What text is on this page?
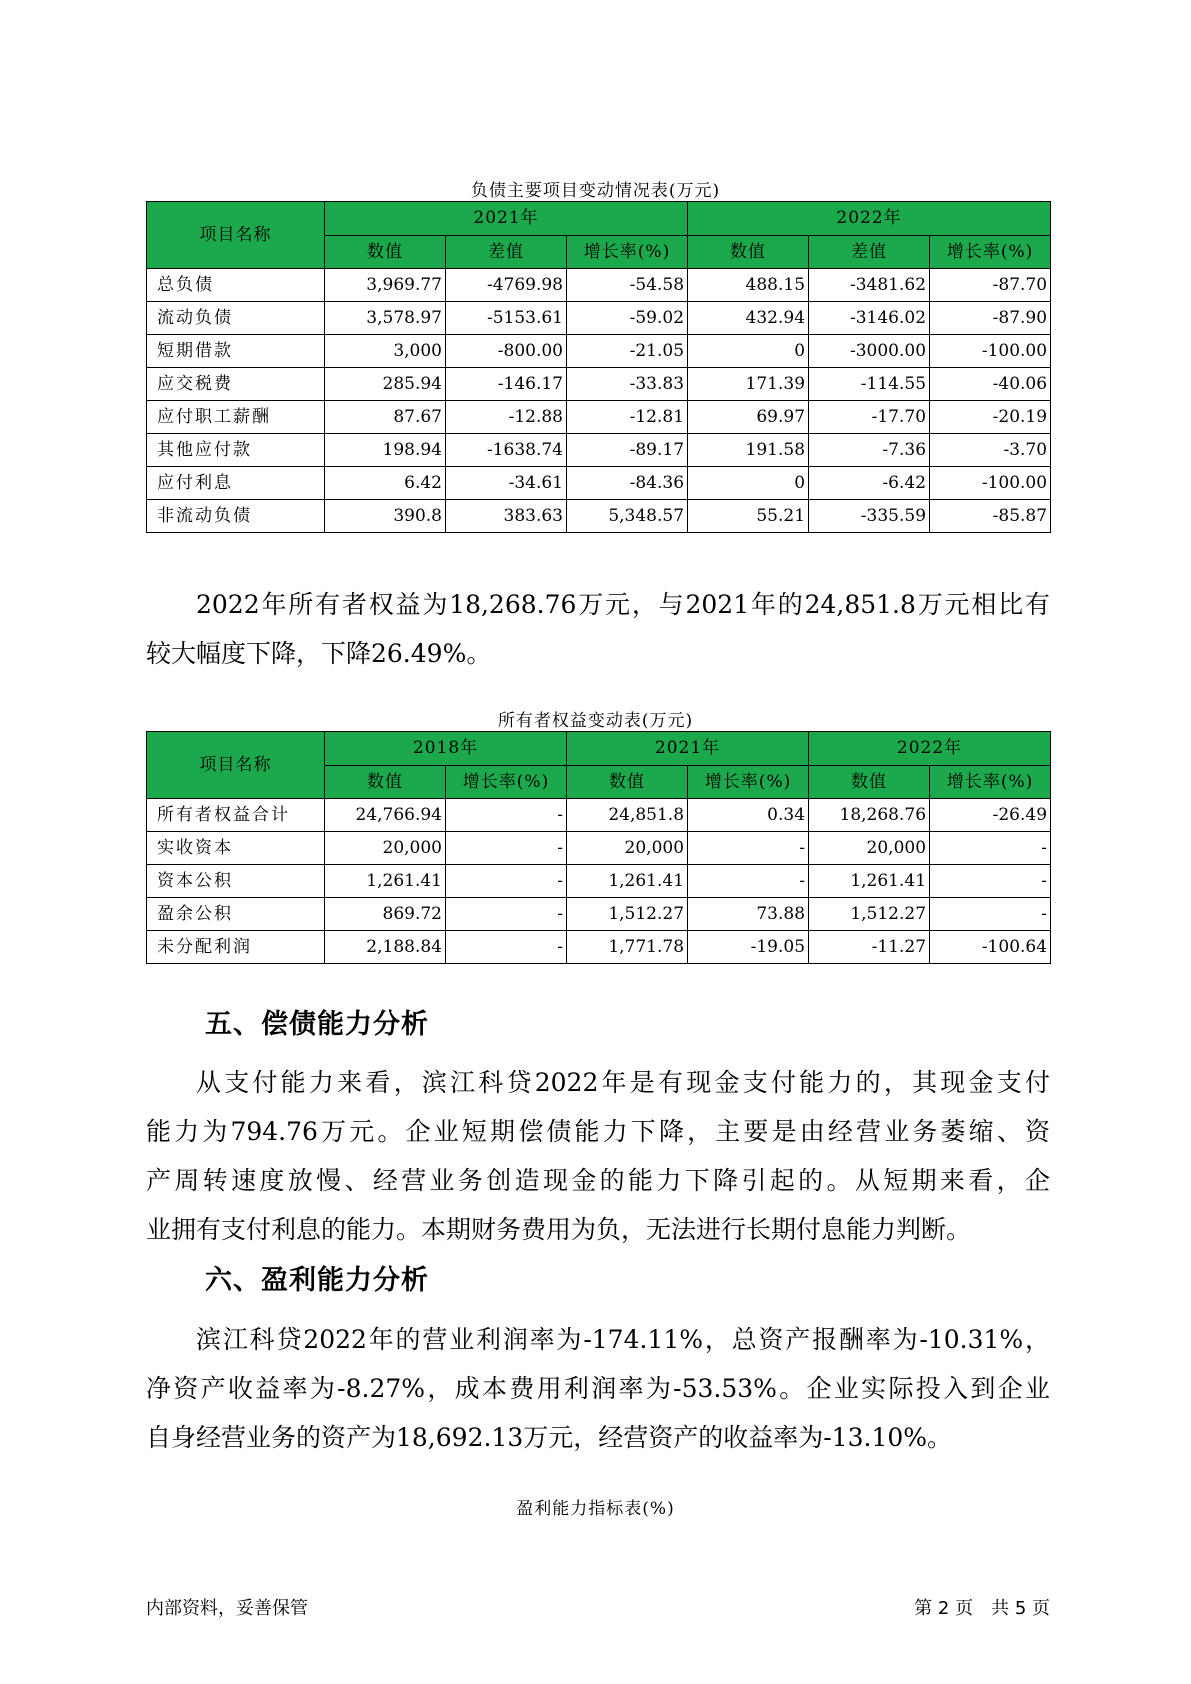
负债主要项目变动情况表(万元)
项目名称	2021年			2022年		
	数值	差值	增长率(%)	数值	差值	增长率(%)
总负债	3,969.77	-4769.98	-54.58	488.15	-3481.62	-87.70
流动负债	3,578.97	-5153.61	-59.02	432.94	-3146.02	-87.90
短期借款	3,000	-800.00	-21.05	0	-3000.00	-100.00
应交税费	285.94	-146.17	-33.83	171.39	-114.55	-40.06
应付职工薪酬	87.67	-12.88	-12.81	69.97	-17.70	-20.19
其他应付款	198.94	-1638.74	-89.17	191.58	-7.36	-3.70
应付利息	6.42	-34.61	-84.36	0	-6.42	-100.00
非流动负债	390.8	383.63	5,348.57	55.21	-335.59	-85.87

2022年所有者权益为18,268.76万元，与2021年的24,851.8万元相比有

较大幅度下降，下降26.49%。

所有者权益变动表(万元)
项目名称	2018年		2021年		2022年	
	数值	增长率(%)	数值	增长率(%)	数值	增长率(%)
所有者权益合计	24,766.94	-	24,851.8	0.34	18,268.76	-26.49
实收资本	20,000	-	20,000	-	20,000	-
资本公积	1,261.41	-	1,261.41	-	1,261.41	-
盈余公积	869.72	-	1,512.27	73.88	1,512.27	-
未分配利润	2,188.84	-	1,771.78	-19.05	-11.27	-100.64
五、偿债能力分析

从支付能力来看，滨江科贷2022年是有现金支付能力的，其现金支付

能力为794.76万元。企业短期偿债能力下降，主要是由经营业务萎缩、资

产周转速度放慢、经营业务创造现金的能力下降引起的。从短期来看，企

业拥有支付利息的能力。本期财务费用为负，无法进行长期付息能力判断。

六、盈利能力分析

滨江科贷2022年的营业利润率为-174.11%，总资产报酬率为-10.31%，

净资产收益率为-8.27%，成本费用利润率为-53.53%。企业实际投入到企业

自身经营业务的资产为18,692.13万元，经营资产的收益率为-13.10%。

盈利能力指标表(%)
内部资料，妥善保管	第 2 页　共 5 页
